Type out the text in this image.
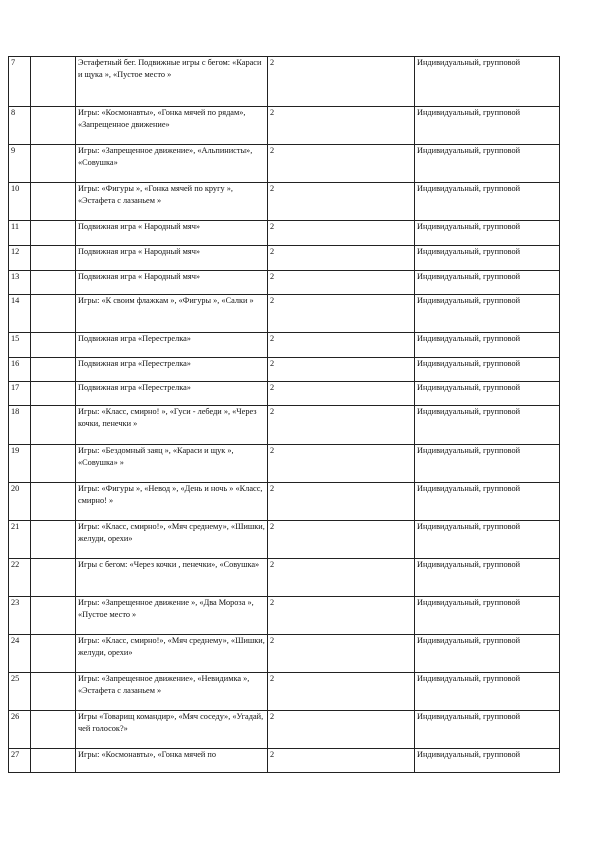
7		Эстафетный бег. Подвижные игры с бегом: «Караси и щука », «Пустое место »	2	Индивидуальный, групповой
8		Игры: «Космонавты», «Гонка мячей по рядам», «Запрещенное движение»	2	Индивидуальный, групповой
9		Игры: «Запрещенное движение», «Альпинисты», «Совушка»	2	Индивидуальный, групповой
10		Игры: «Фигуры », «Гонка мячей по кругу », «Эстафета с лазаньем »	2	Индивидуальный, групповой
11		Подвижная игра « Народный мяч»	2	Индивидуальный, групповой
12		Подвижная игра « Народный мяч»	2	Индивидуальный, групповой
13		Подвижная игра « Народный мяч»	2	Индивидуальный, групповой
14		Игры: «К своим флажкам », «Фигуры », «Салки »	2	Индивидуальный, групповой
15		Подвижная игра «Перестрелка»	2	Индивидуальный, групповой
16		Подвижная игра «Перестрелка»	2	Индивидуальный, групповой
17		Подвижная игра «Перестрелка»	2	Индивидуальный, групповой
18		Игры: «Класс, смирно! », «Гуси - лебеди », «Через кочки, пенечки »	2	Индивидуальный, групповой
19		Игры: «Бездомный заяц », «Караси и щук », «Совушка» »	2	Индивидуальный, групповой
20		Игры: «Фигуры », «Невод », «День и ночь » «Класс, смирно! »	2	Индивидуальный, групповой
21		Игры: «Класс, смирно!», «Мяч среднему», «Шишки, желуди, орехи»	2	Индивидуальный, групповой
22		Игры с бегом: «Через кочки , пенечки», «Совушка»	2	Индивидуальный, групповой
23		Игры: «Запрещенное движение », «Два Мороза », «Пустое место »	2	Индивидуальный, групповой
24		Игры: «Класс, смирно!», «Мяч среднему», «Шишки, желуди, орехи»	2	Индивидуальный, групповой
25		Игры: «Запрещенное движение», «Невидимка », «Эстафета с лазаньем »	2	Индивидуальный, групповой
26		Игры «Товарищ командир», «Мяч соседу», «Угадай, чей голосок?»	2	Индивидуальный, групповой
27		Игры: «Космонавты», «Гонка мячей по	2	Индивидуальный, групповой
